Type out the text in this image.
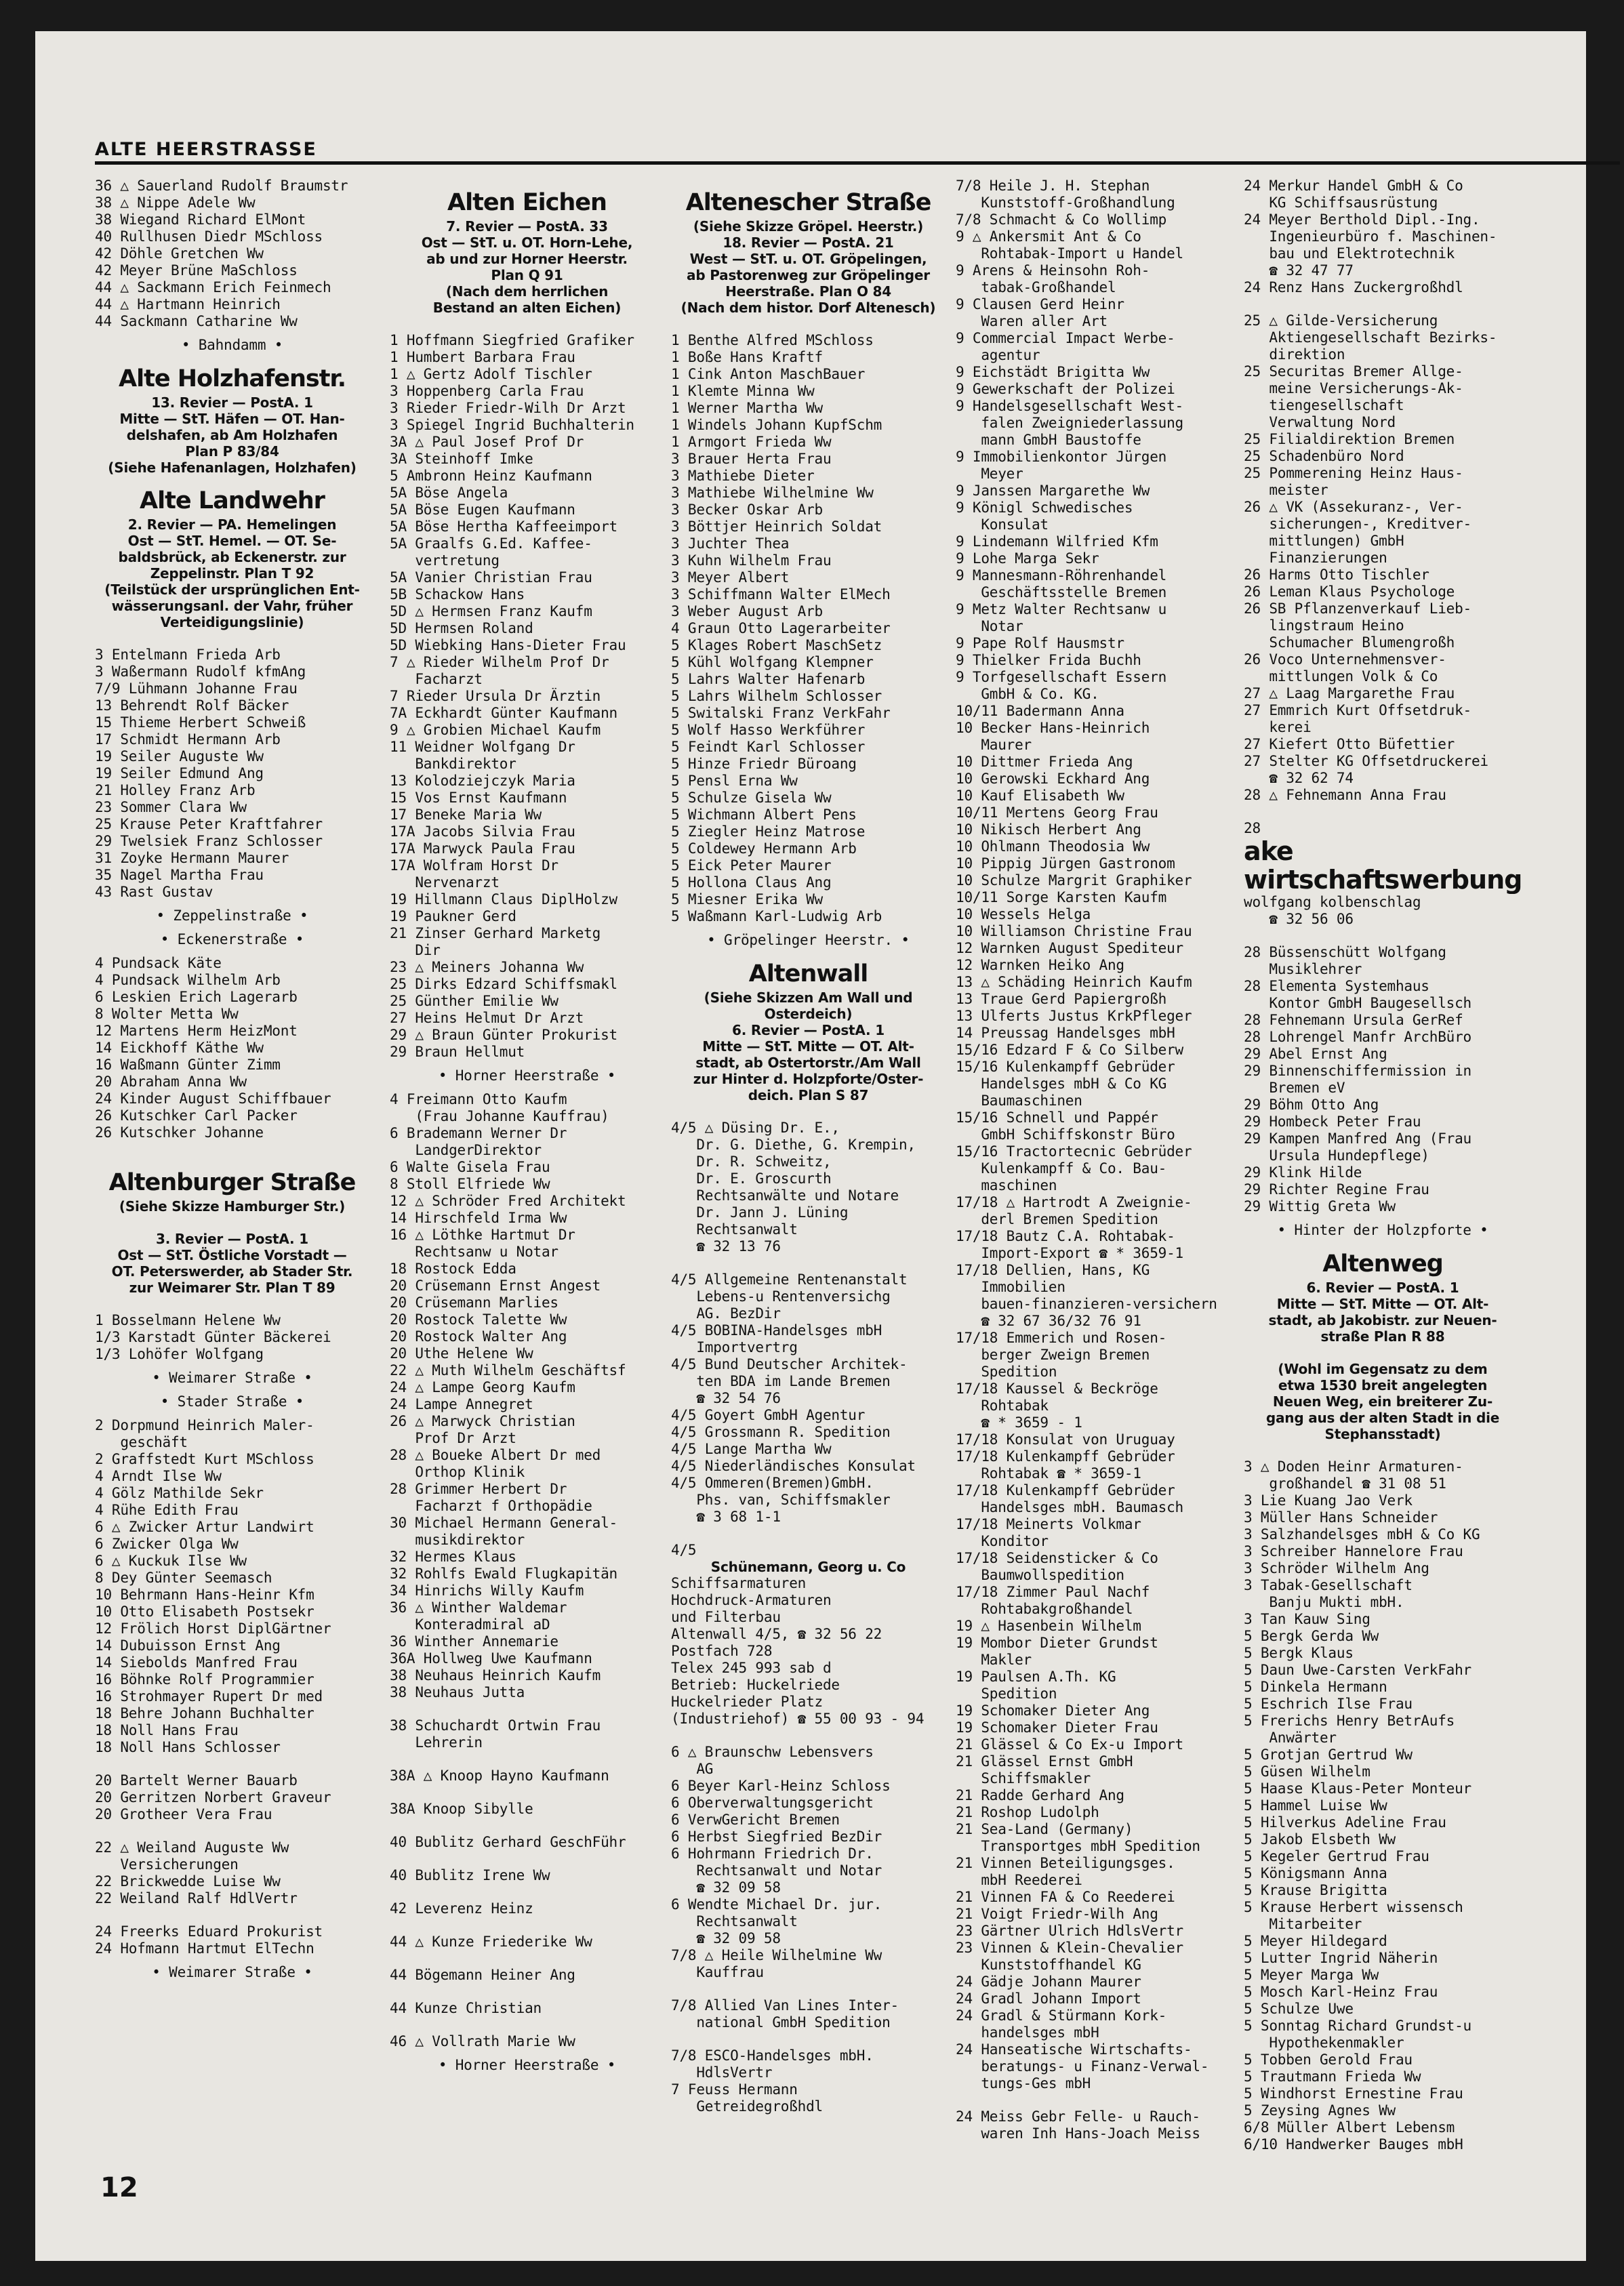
ALTE HEERSTRASSE
36 △ Sauerland Rudolf Braumstr
38 △ Nippe Adele Ww
38 Wiegand Richard ElMont
40 Rullhusen Diedr MSchloss
42 Döhle Gretchen Ww
42 Meyer Brüne MaSchloss
44 △ Sackmann Erich Feinmech
44 △ Hartmann Heinrich
44 Sackmann Catharine Ww
• Bahndamm •
Alte Holzhafenstr.
13. Revier — PostA. 1
Mitte — StT. Häfen — OT. Han-
delshafen, ab Am Holzhafen
Plan P 83/84
(Siehe Hafenanlagen, Holzhafen)
Alte Landwehr
2. Revier — PA. Hemelingen
Ost — StT. Hemel. — OT. Se-
baldsbrück, ab Eckenerstr. zur
Zeppelinstr. Plan T 92
(Teilstück der ursprünglichen Ent-
wässerungsanl. der Vahr, früher
Verteidigungslinie)
3 Entelmann Frieda Arb
3 Waßermann Rudolf kfmAng
7/9 Lühmann Johanne Frau
13 Behrendt Rolf Bäcker
15 Thieme Herbert Schweiß
17 Schmidt Hermann Arb
19 Seiler Auguste Ww
19 Seiler Edmund Ang
21 Holley Franz Arb
23 Sommer Clara Ww
25 Krause Peter Kraftfahrer
29 Twelsiek Franz Schlosser
31 Zoyke Hermann Maurer
35 Nagel Martha Frau
43 Rast Gustav
• Zeppelinstraße •
• Eckenerstraße •
4 Pundsack Käte
4 Pundsack Wilhelm Arb
6 Leskien Erich Lagerarb
8 Wolter Metta Ww
12 Martens Herm HeizMont
14 Eickhoff Käthe Ww
16 Waßmann Günter Zimm
20 Abraham Anna Ww
24 Kinder August Schiffbauer
26 Kutschker Carl Packer
26 Kutschker Johanne
Altenburger Straße
(Siehe Skizze Hamburger Str.)
3. Revier — PostA. 1
Ost — StT. Östliche Vorstadt —
OT. Peterswerder, ab Stader Str.
zur Weimarer Str. Plan T 89
1 Bosselmann Helene Ww
1/3 Karstadt Günter Bäckerei
1/3 Lohöfer Wolfgang
• Weimarer Straße •
• Stader Straße •
2 Dorpmund Heinrich Maler-
geschäft
2 Graffstedt Kurt MSchloss
4 Arndt Ilse Ww
4 Gölz Mathilde Sekr
4 Rühe Edith Frau
6 △ Zwicker Artur Landwirt
6 Zwicker Olga Ww
6 △ Kuckuk Ilse Ww
8 Dey Günter Seemasch
10 Behrmann Hans-Heinr Kfm
10 Otto Elisabeth Postsekr
12 Frölich Horst DiplGärtner
14 Dubuisson Ernst Ang
14 Siebolds Manfred Frau
16 Böhnke Rolf Programmier
16 Strohmayer Rupert Dr med
18 Behre Johann Buchhalter
18 Noll Hans Frau
18 Noll Hans Schlosser
20 Bartelt Werner Bauarb
20 Gerritzen Norbert Graveur
20 Grotheer Vera Frau
22 △ Weiland Auguste Ww
Versicherungen
22 Brickwedde Luise Ww
22 Weiland Ralf HdlVertr
24 Freerks Eduard Prokurist
24 Hofmann Hartmut ElTechn
• Weimarer Straße •
Alten Eichen
7. Revier — PostA. 33
Ost — StT. u. OT. Horn-Lehe,
ab und zur Horner Heerstr.
Plan Q 91
(Nach dem herrlichen
Bestand an alten Eichen)
1 Hoffmann Siegfried Grafiker
1 Humbert Barbara Frau
1 △ Gertz Adolf Tischler
3 Hoppenberg Carla Frau
3 Rieder Friedr-Wilh Dr Arzt
3 Spiegel Ingrid Buchhalterin
3A △ Paul Josef Prof Dr
3A Steinhoff Imke
5 Ambronn Heinz Kaufmann
5A Böse Angela
5A Böse Eugen Kaufmann
5A Böse Hertha Kaffeeimport
5A Graalfs G.Ed. Kaffee-
vertretung
5A Vanier Christian Frau
5B Schackow Hans
5D △ Hermsen Franz Kaufm
5D Hermsen Roland
5D Wiebking Hans-Dieter Frau
7 △ Rieder Wilhelm Prof Dr
Facharzt
7 Rieder Ursula Dr Ärztin
7A Eckhardt Günter Kaufmann
9 △ Grobien Michael Kaufm
11 Weidner Wolfgang Dr
Bankdirektor
13 Kolodziejczyk Maria
15 Vos Ernst Kaufmann
17 Beneke Maria Ww
17A Jacobs Silvia Frau
17A Marwyck Paula Frau
17A Wolfram Horst Dr
Nervenarzt
19 Hillmann Claus DiplHolzw
19 Paukner Gerd
21 Zinser Gerhard Marketg
Dir
23 △ Meiners Johanna Ww
25 Dirks Edzard Schiffsmakl
25 Günther Emilie Ww
27 Heins Helmut Dr Arzt
29 △ Braun Günter Prokurist
29 Braun Hellmut
• Horner Heerstraße •
4 Freimann Otto Kaufm
(Frau Johanne Kauffrau)
6 Brademann Werner Dr
LandgerDirektor
6 Walte Gisela Frau
8 Stoll Elfriede Ww
12 △ Schröder Fred Architekt
14 Hirschfeld Irma Ww
16 △ Löthke Hartmut Dr
Rechtsanw u Notar
18 Rostock Edda
20 Crüsemann Ernst Angest
20 Crüsemann Marlies
20 Rostock Talette Ww
20 Rostock Walter Ang
20 Uthe Helene Ww
22 △ Muth Wilhelm Geschäftsf
24 △ Lampe Georg Kaufm
24 Lampe Annegret
26 △ Marwyck Christian
Prof Dr Arzt
28 △ Boueke Albert Dr med
Orthop Klinik
28 Grimmer Herbert Dr
Facharzt f Orthopädie
30 Michael Hermann General-
musikdirektor
32 Hermes Klaus
32 Rohlfs Ewald Flugkapitän
34 Hinrichs Willy Kaufm
36 △ Winther Waldemar
Konteradmiral aD
36 Winther Annemarie
36A Hollweg Uwe Kaufmann
38 Neuhaus Heinrich Kaufm
38 Neuhaus Jutta
38 Schuchardt Ortwin Frau
Lehrerin
38A △ Knoop Hayno Kaufmann
38A Knoop Sibylle
40 Bublitz Gerhard GeschFühr
40 Bublitz Irene Ww
42 Leverenz Heinz
44 △ Kunze Friederike Ww
44 Bögemann Heiner Ang
44 Kunze Christian
46 △ Vollrath Marie Ww
• Horner Heerstraße •
Altenescher Straße
(Siehe Skizze Gröpel. Heerstr.)
18. Revier — PostA. 21
West — StT. u. OT. Gröpelingen,
ab Pastorenweg zur Gröpelinger
Heerstraße. Plan O 84
(Nach dem histor. Dorf Altenesch)
1 Benthe Alfred MSchloss
1 Boße Hans Kraftf
1 Cink Anton MaschBauer
1 Klemte Minna Ww
1 Werner Martha Ww
1 Windels Johann KupfSchm
1 Armgort Frieda Ww
3 Brauer Herta Frau
3 Mathiebe Dieter
3 Mathiebe Wilhelmine Ww
3 Becker Oskar Arb
3 Böttjer Heinrich Soldat
3 Juchter Thea
3 Kuhn Wilhelm Frau
3 Meyer Albert
3 Schiffmann Walter ElMech
3 Weber August Arb
4 Graun Otto Lagerarbeiter
5 Klages Robert MaschSetz
5 Kühl Wolfgang Klempner
5 Lahrs Walter Hafenarb
5 Lahrs Wilhelm Schlosser
5 Switalski Franz VerkFahr
5 Wolf Hasso Werkführer
5 Feindt Karl Schlosser
5 Hinze Friedr Büroang
5 Pensl Erna Ww
5 Schulze Gisela Ww
5 Wichmann Albert Pens
5 Ziegler Heinz Matrose
5 Coldewey Hermann Arb
5 Eick Peter Maurer
5 Hollona Claus Ang
5 Miesner Erika Ww
5 Waßmann Karl-Ludwig Arb
• Gröpelinger Heerstr. •
Altenwall
(Siehe Skizzen Am Wall und
Osterdeich)
6. Revier — PostA. 1
Mitte — StT. Mitte — OT. Alt-
stadt, ab Ostertorstr./Am Wall
zur Hinter d. Holzpforte/Oster-
deich. Plan S 87
4/5 △ Düsing Dr. E.,
Dr. G. Diethe, G. Krempin,
Dr. R. Schweitz,
Dr. E. Groscurth
Rechtsanwälte und Notare
Dr. Jann J. Lüning
Rechtsanwalt
☎ 32 13 76
4/5 Allgemeine Rentenanstalt
Lebens-u Rentenversichg
AG. BezDir
4/5 BOBINA-Handelsges mbH
Importvertrg
4/5 Bund Deutscher Architek-
ten BDA im Lande Bremen
☎ 32 54 76
4/5 Goyert GmbH Agentur
4/5 Grossmann R. Spedition
4/5 Lange Martha Ww
4/5 Niederländisches Konsulat
4/5 Ommeren(Bremen)GmbH.
Phs. van, Schiffsmakler
☎ 3 68 1-1
4/5
Schünemann, Georg u. Co
Schiffsarmaturen
Hochdruck-Armaturen
und Filterbau
Altenwall 4/5, ☎ 32 56 22
Postfach 728
Telex 245 993 sab d
Betrieb: Huckelriede
Huckelrieder Platz
(Industriehof) ☎ 55 00 93 - 94
6 △ Braunschw Lebensvers
AG
6 Beyer Karl-Heinz Schloss
6 Oberverwaltungsgericht
6 VerwGericht Bremen
6 Herbst Siegfried BezDir
6 Hohrmann Friedrich Dr.
Rechtsanwalt und Notar
☎ 32 09 58
6 Wendte Michael Dr. jur.
Rechtsanwalt
☎ 32 09 58
7/8 △ Heile Wilhelmine Ww
Kauffrau
7/8 Allied Van Lines Inter-
national GmbH Spedition
7/8 ESCO-Handelsges mbH.
HdlsVertr
7 Feuss Hermann
Getreidegroßhdl
7/8 Heile J. H. Stephan
Kunststoff-Großhandlung
7/8 Schmacht & Co Wollimp
9 △ Ankersmit Ant & Co
Rohtabak-Import u Handel
9 Arens & Heinsohn Roh-
tabak-Großhandel
9 Clausen Gerd Heinr
Waren aller Art
9 Commercial Impact Werbe-
agentur
9 Eichstädt Brigitta Ww
9 Gewerkschaft der Polizei
9 Handelsgesellschaft West-
falen Zweigniederlassung
mann GmbH Baustoffe
9 Immobilienkontor Jürgen
Meyer
9 Janssen Margarethe Ww
9 Königl Schwedisches
Konsulat
9 Lindemann Wilfried Kfm
9 Lohe Marga Sekr
9 Mannesmann-Röhrenhandel
Geschäftsstelle Bremen
9 Metz Walter Rechtsanw u
Notar
9 Pape Rolf Hausmstr
9 Thielker Frida Buchh
9 Torfgesellschaft Essern
GmbH & Co. KG.
10/11 Badermann Anna
10 Becker Hans-Heinrich
Maurer
10 Dittmer Frieda Ang
10 Gerowski Eckhard Ang
10 Kauf Elisabeth Ww
10/11 Mertens Georg Frau
10 Nikisch Herbert Ang
10 Ohlmann Theodosia Ww
10 Pippig Jürgen Gastronom
10 Schulze Margrit Graphiker
10/11 Sorge Karsten Kaufm
10 Wessels Helga
10 Williamson Christine Frau
12 Warnken August Spediteur
12 Warnken Heiko Ang
13 △ Schäding Heinrich Kaufm
13 Traue Gerd Papiergroßh
13 Ulferts Justus KrkPfleger
14 Preussag Handelsges mbH
15/16 Edzard F & Co Silberw
15/16 Kulenkampff Gebrüder
Handelsges mbH & Co KG
Baumaschinen
15/16 Schnell und Pappér
GmbH Schiffskonstr Büro
15/16 Tractortecnic Gebrüder
Kulenkampff & Co. Bau-
maschinen
17/18 △ Hartrodt A Zweignie-
derl Bremen Spedition
17/18 Bautz C.A. Rohtabak-
Import-Export ☎ * 3659-1
17/18 Dellien, Hans, KG
Immobilien
bauen-finanzieren-versichern
☎ 32 67 36/32 76 91
17/18 Emmerich und Rosen-
berger Zweign Bremen
Spedition
17/18 Kaussel & Beckröge
Rohtabak
☎ * 3659 - 1
17/18 Konsulat von Uruguay
17/18 Kulenkampff Gebrüder
Rohtabak ☎ * 3659-1
17/18 Kulenkampff Gebrüder
Handelsges mbH. Baumasch
17/18 Meinerts Volkmar
Konditor
17/18 Seidensticker & Co
Baumwollspedition
17/18 Zimmer Paul Nachf
Rohtabakgroßhandel
19 △ Hasenbein Wilhelm
19 Mombor Dieter Grundst
Makler
19 Paulsen A.Th. KG
Spedition
19 Schomaker Dieter Ang
19 Schomaker Dieter Frau
21 Glässel & Co Ex-u Import
21 Glässel Ernst GmbH
Schiffsmakler
21 Radde Gerhard Ang
21 Roshop Ludolph
21 Sea-Land (Germany)
Transportges mbH Spedition
21 Vinnen Beteiligungsges.
mbH Reederei
21 Vinnen FA & Co Reederei
21 Voigt Friedr-Wilh Ang
23 Gärtner Ulrich HdlsVertr
23 Vinnen & Klein-Chevalier
Kunststoffhandel KG
24 Gädje Johann Maurer
24 Gradl Johann Import
24 Gradl & Stürmann Kork-
handelsges mbH
24 Hanseatische Wirtschafts-
beratungs- u Finanz-Verwal-
tungs-Ges mbH
24 Meiss Gebr Felle- u Rauch-
waren Inh Hans-Joach Meiss
24 Merkur Handel GmbH & Co
KG Schiffsausrüstung
24 Meyer Berthold Dipl.-Ing.
Ingenieurbüro f. Maschinen-
bau und Elektrotechnik
☎ 32 47 77
24 Renz Hans Zuckergroßhdl
25 △ Gilde-Versicherung
Aktiengesellschaft Bezirks-
direktion
25 Securitas Bremer Allge-
meine Versicherungs-Ak-
tiengesellschaft
Verwaltung Nord
25 Filialdirektion Bremen
25 Schadenbüro Nord
25 Pommerening Heinz Haus-
meister
26 △ VK (Assekuranz-, Ver-
sicherungen-, Kreditver-
mittlungen) GmbH
Finanzierungen
26 Harms Otto Tischler
26 Leman Klaus Psychologe
26 SB Pflanzenverkauf Lieb-
lingstraum Heino
Schumacher Blumengroßh
26 Voco Unternehmensver-
mittlungen Volk & Co
27 △ Laag Margarethe Frau
27 Emmrich Kurt Offsetdruk-
kerei
27 Kiefert Otto Büfettier
27 Stelter KG Offsetdruckerei
☎ 32 62 74
28 △ Fehnemann Anna Frau
28
ake
wirtschaftswerbung
wolfgang kolbenschlag
☎ 32 56 06
28 Büssenschütt Wolfgang
Musiklehrer
28 Elementa Systemhaus
Kontor GmbH Baugesellsch
28 Fehnemann Ursula GerRef
28 Lohrengel Manfr ArchBüro
29 Abel Ernst Ang
29 Binnenschiffermission in
Bremen eV
29 Böhm Otto Ang
29 Hombeck Peter Frau
29 Kampen Manfred Ang (Frau
Ursula Hundepflege)
29 Klink Hilde
29 Richter Regine Frau
29 Wittig Greta Ww
• Hinter der Holzpforte •
Altenweg
6. Revier — PostA. 1
Mitte — StT. Mitte — OT. Alt-
stadt, ab Jakobistr. zur Neuen-
straße Plan R 88
(Wohl im Gegensatz zu dem
etwa 1530 breit angelegten
Neuen Weg, ein breiterer Zu-
gang aus der alten Stadt in die
Stephansstadt)
3 △ Doden Heinr Armaturen-
großhandel ☎ 31 08 51
3 Lie Kuang Jao Verk
3 Müller Hans Schneider
3 Salzhandelsges mbH & Co KG
3 Schreiber Hannelore Frau
3 Schröder Wilhelm Ang
3 Tabak-Gesellschaft
Banju Mukti mbH.
3 Tan Kauw Sing
5 Bergk Gerda Ww
5 Bergk Klaus
5 Daun Uwe-Carsten VerkFahr
5 Dinkela Hermann
5 Eschrich Ilse Frau
5 Frerichs Henry BetrAufs
Anwärter
5 Grotjan Gertrud Ww
5 Güsen Wilhelm
5 Haase Klaus-Peter Monteur
5 Hammel Luise Ww
5 Hilverkus Adeline Frau
5 Jakob Elsbeth Ww
5 Kegeler Gertrud Frau
5 Königsmann Anna
5 Krause Brigitta
5 Krause Herbert wissensch
Mitarbeiter
5 Meyer Hildegard
5 Lutter Ingrid Näherin
5 Meyer Marga Ww
5 Mosch Karl-Heinz Frau
5 Schulze Uwe
5 Sonntag Richard Grundst-u
Hypothekenmakler
5 Tobben Gerold Frau
5 Trautmann Frieda Ww
5 Windhorst Ernestine Frau
5 Zeysing Agnes Ww
6/8 Müller Albert Lebensm
6/10 Handwerker Bauges mbH
12
